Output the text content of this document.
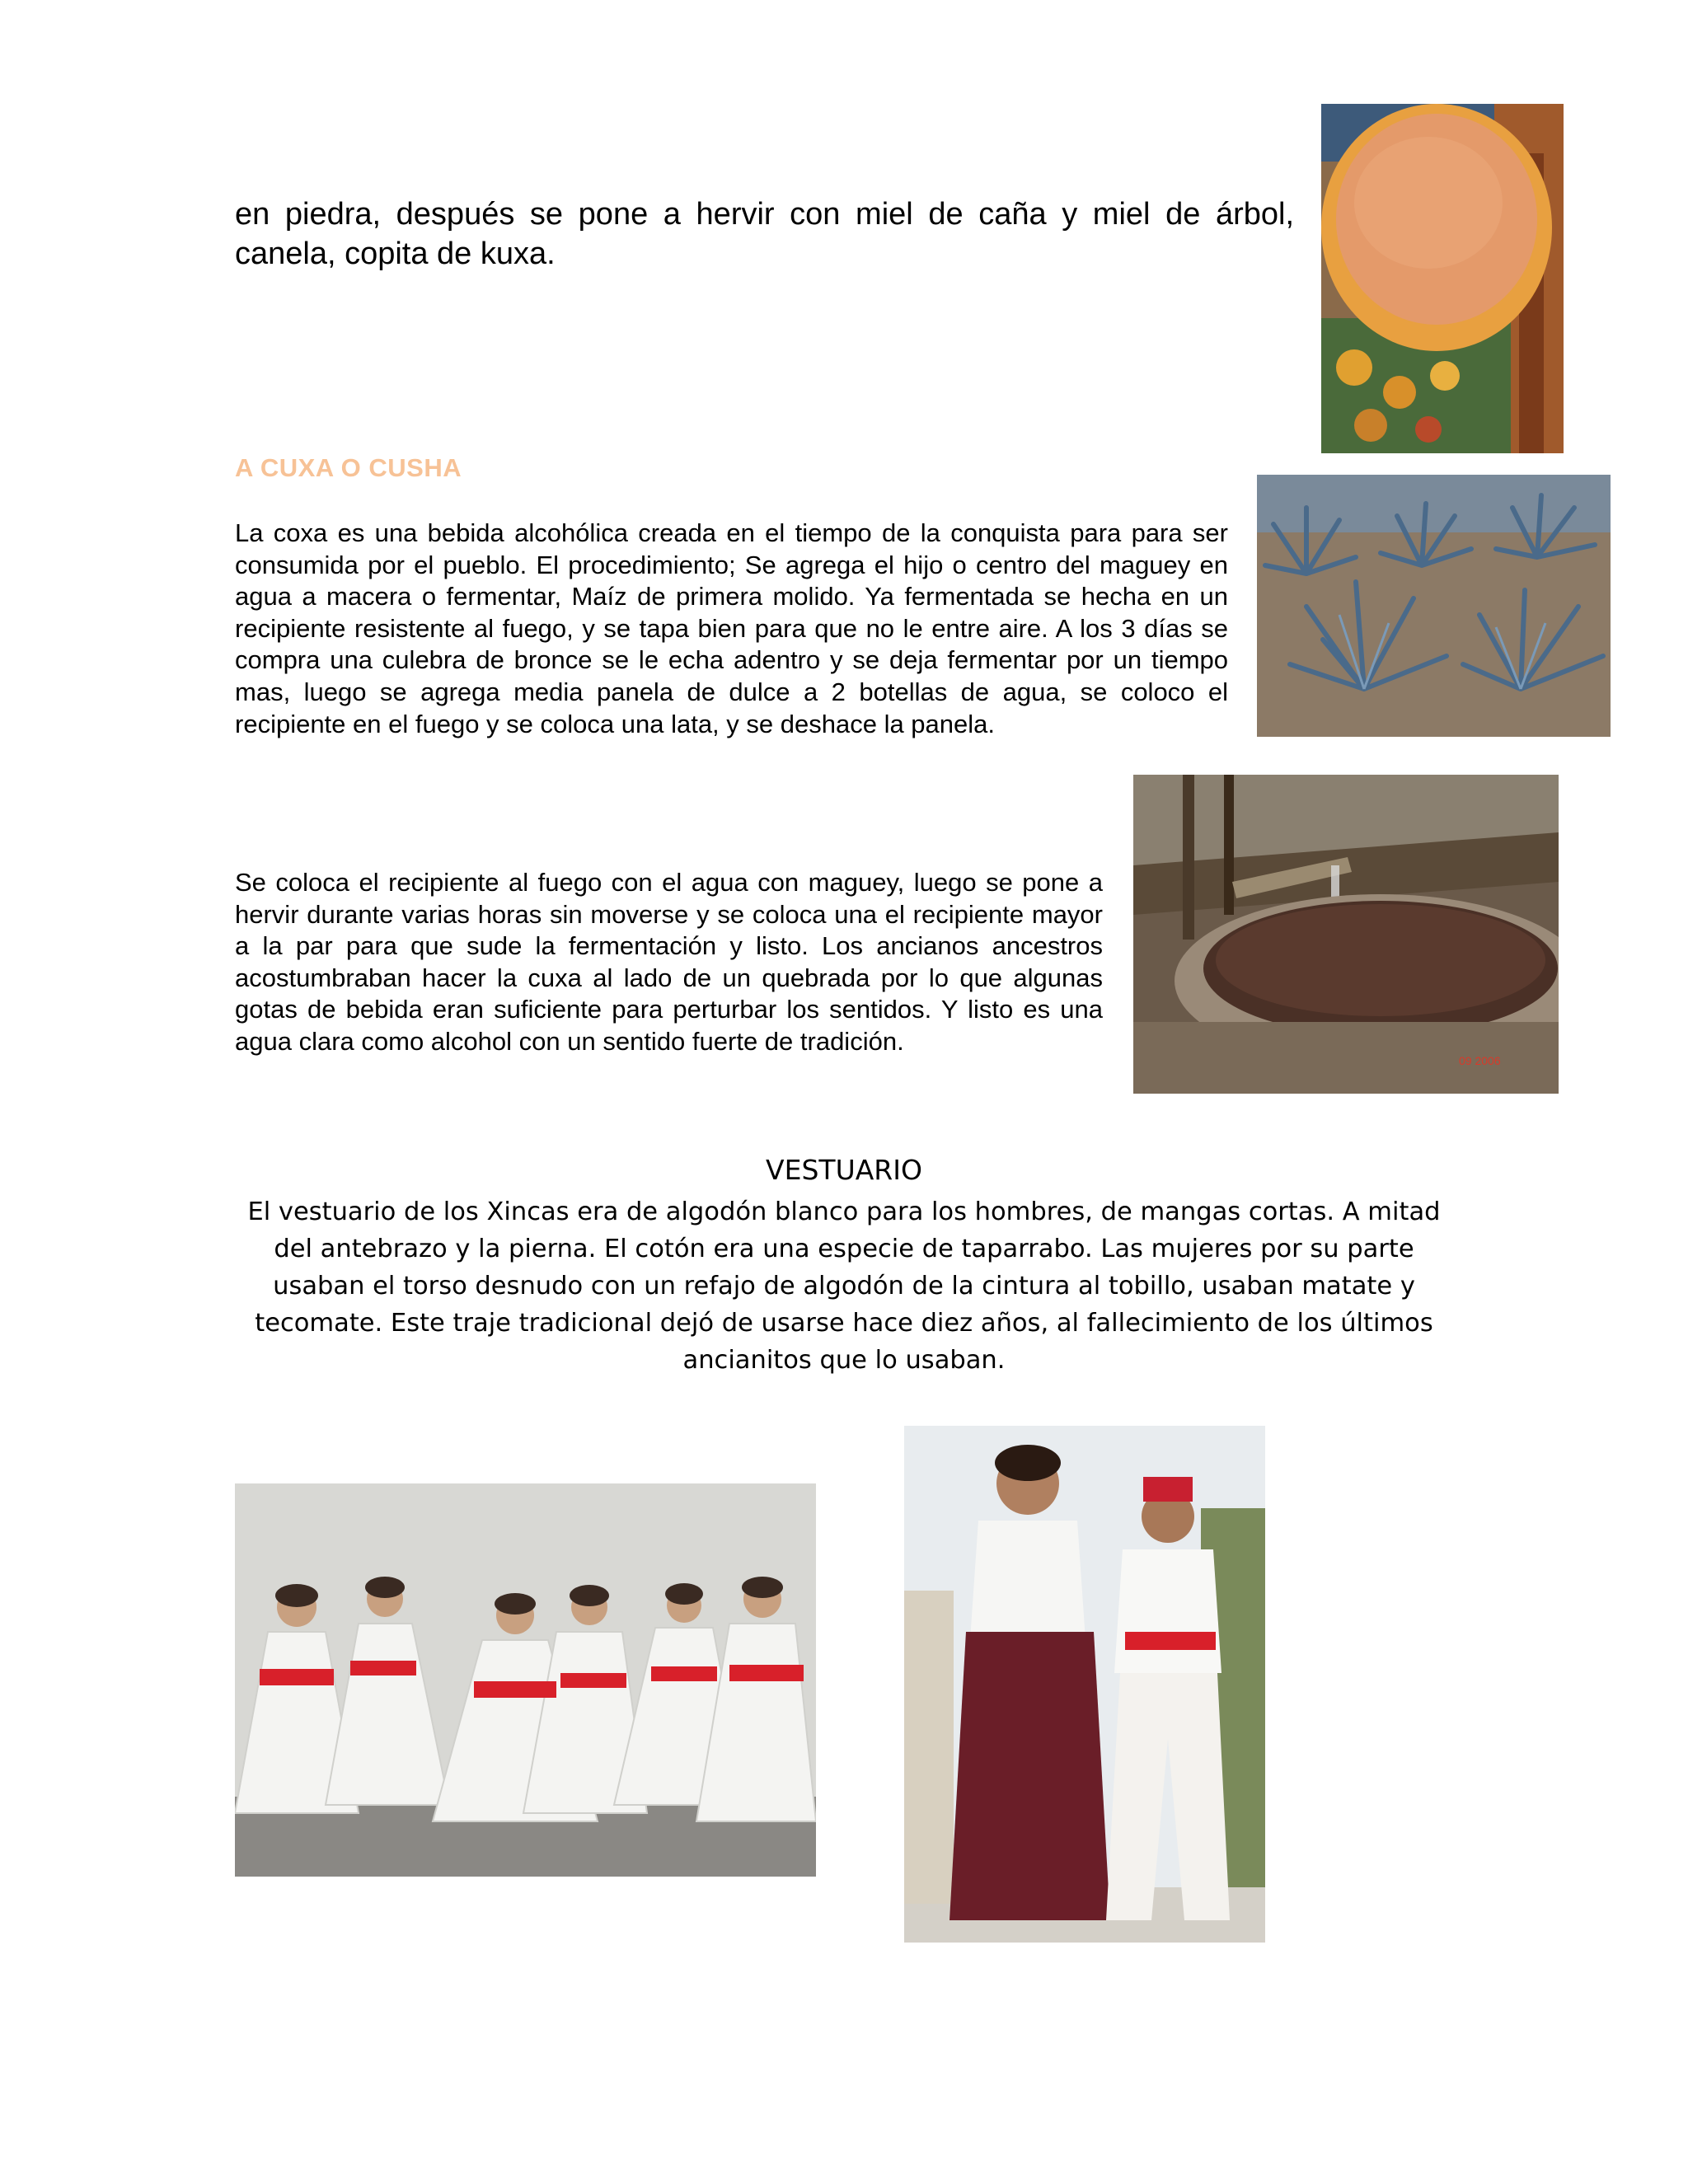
en piedra, después se pone a hervir con miel de caña y miel de árbol, canela, copita de kuxa.
A CUXA O CUSHA
La coxa es una bebida alcohólica creada en el tiempo de la conquista para para ser consumida por el pueblo. El procedimiento; Se agrega el hijo o centro del maguey en agua a macera o fermentar, Maíz de primera molido. Ya fermentada se hecha en un recipiente resistente al fuego, y se tapa bien para que no le entre aire. A los 3 días se compra una culebra de bronce se le echa adentro y se deja fermentar por un tiempo mas, luego se agrega media panela de dulce a 2 botellas de agua, se coloco el recipiente en el fuego y se coloca una lata, y se deshace la panela.
09 2006
Se coloca el recipiente al fuego con el agua con maguey, luego se pone a hervir durante varias horas sin moverse y se coloca una el recipiente mayor a la par para que sude la fermentación y listo. Los ancianos ancestros acostumbraban hacer la cuxa al lado de un quebrada por lo que algunas gotas de bebida eran suficiente para perturbar los sentidos. Y listo es una agua clara como alcohol con un sentido fuerte de tradición.
VESTUARIO
El vestuario de los Xincas era de algodón blanco para los hombres, de mangas cortas. A mitad del antebrazo y la pierna. El cotón era una especie de taparrabo. Las mujeres por su parte usaban el torso desnudo con un refajo de algodón de la cintura al tobillo, usaban matate y tecomate. Este traje tradicional dejó de usarse hace diez años, al fallecimiento de los últimos ancianitos que lo usaban.
